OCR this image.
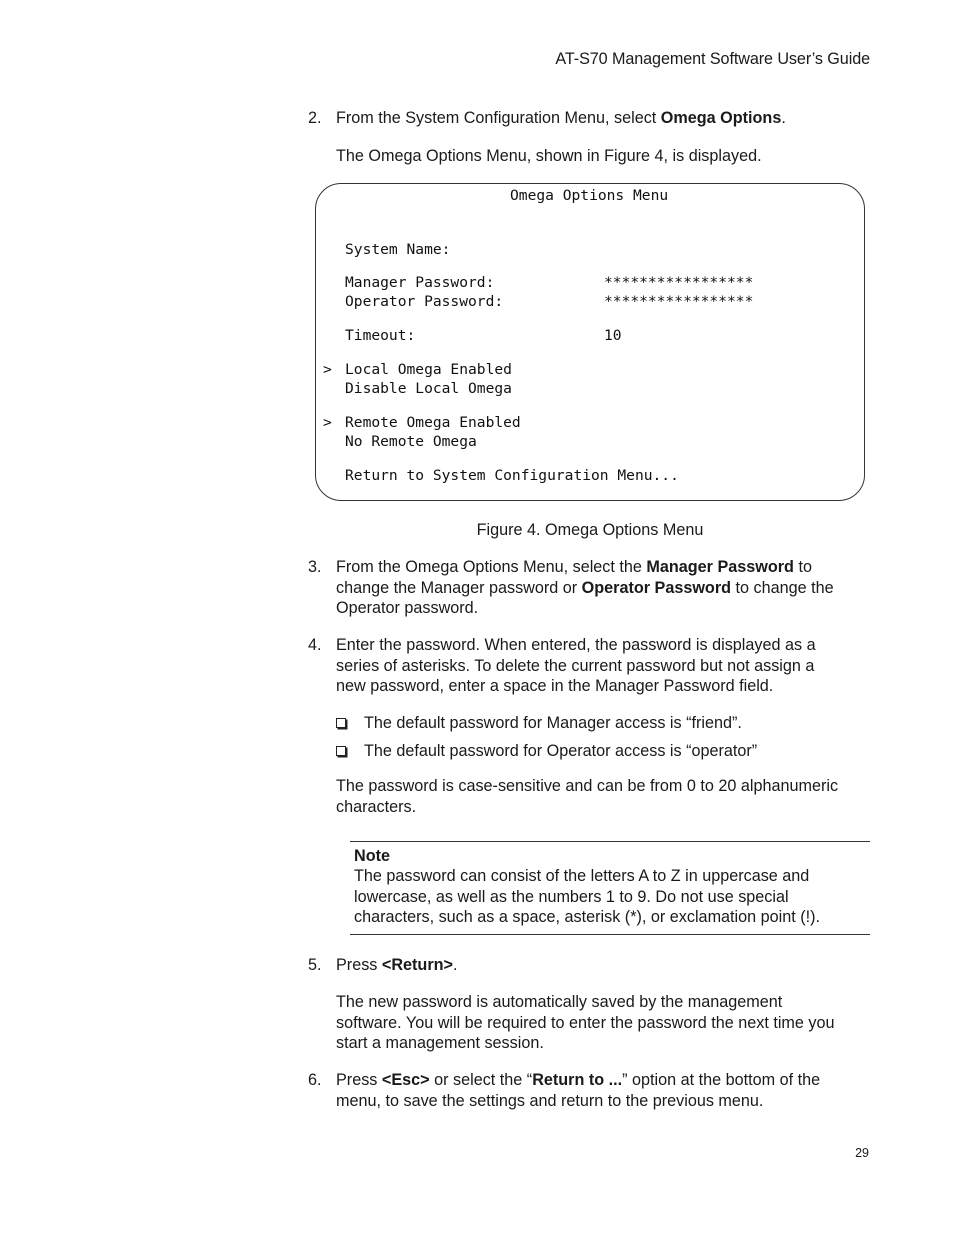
AT-S70 Management Software User’s Guide
2. From the System Configuration Menu, select Omega Options.
The Omega Options Menu, shown in Figure 4, is displayed.
Omega Options Menu
System Name:
Manager Password:	*****************
Operator Password:	*****************
Timeout:	10
> Local Omega Enabled
Disable Local Omega
> Remote Omega Enabled
No Remote Omega
Return to System Configuration Menu...
Figure 4. Omega Options Menu
3. From the Omega Options Menu, select the Manager Password to
change the Manager password or Operator Password to change the
Operator password.
4. Enter the password. When entered, the password is displayed as a
series of asterisks. To delete the current password but not assign a
new password, enter a space in the Manager Password field.
The default password for Manager access is “friend”.
The default password for Operator access is “operator”
The password is case-sensitive and can be from 0 to 20 alphanumeric
characters.
Note
The password can consist of the letters A to Z in uppercase and
lowercase, as well as the numbers 1 to 9. Do not use special
characters, such as a space, asterisk (*), or exclamation point (!).
5. Press <Return>.
The new password is automatically saved by the management
software. You will be required to enter the password the next time you
start a management session.
6. Press <Esc> or select the “Return to ...” option at the bottom of the
menu, to save the settings and return to the previous menu.
29
